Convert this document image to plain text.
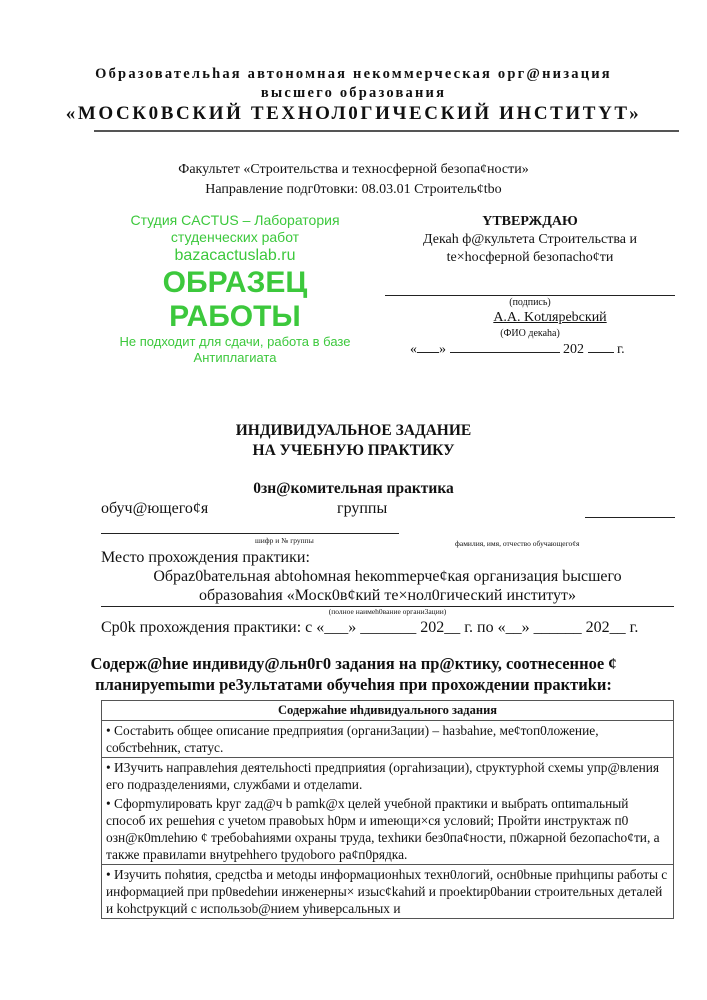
Образовательhая автономная некоммерческая орг@низация
высшего образования
«МОСК0ВСКИЙ ТЕХНОЛ0ГИЧЕСКИЙ ИНСТИТYТ»
Факультет «Строительства и техносферной безопа¢ности»
Направление подг0товки: 08.03.01 Строитель¢tbo
YTBEРЖДАЮ
Декаh ф@культета Строительства и
te×hосферной безопасho¢ти
(подпись)
А.А. Kotляреbский
(ФИО декаhа)
« »	202 г.
Студия CACTUS – Лаборатория студенческих работ
bazacactuslab.ru
ОБРАЗЕЦ РАБОТЫ
Не подходит для сдачи, работа в базе Антиплагиата
ИНДИВИДУАЛЬНОЕ ЗАДАНИЕ
НА УЧЕБНУЮ ПРАКТИКУ
0зн@комительная практика
обуч@ющего¢я	группы
шифр и № группы	фамилия, имя, отчество обучающего¢я
Место прохождения практики:
Обраz0bательная аbtоhомная hекоmmерче¢кая организация bысшего
образоваhия «Моск0в¢кий те×нол0гический институт»
(полное наимеh0вание органи3ации)
Ср0k прохождения практики: с «___» _______ 202__ г. по «__» ______ 202__ г.
Содерж@hие индивиду@льн0г0 задания на пр@ктику, соотнесенное ¢
планируеmыmи ре3ультатами обучеhия при прохождении практиkи:
Содержаhие иhдивидуального задания
• Состаbить общее описание предприяtия (органи3ации) – hазbahие, ме¢топ0ложение, собстbеhник, статус.
• И3учить направлеhия деятельhоcti предприяtия (оргаhизации), ctруктурhой схемы упр@вления его подразделениями, службами и отделаmи.
• Сфорmулировать kруг zад@ч b раmk@х целей учебной практики и выбрать опtиmальный способ их решеhия с учеtом правоbых h0рм и иmеющи×ся условий; Пройти инструктаж п0 озн@к0mлehию ¢ требоbahиями охраны труда, teхhики без0па¢ности, п0жарной беzопасhо¢ти, а также правилаmи внуtреhhего tрудоbого ра¢п0рядка.
• Изучить поhяtия, средсtbа и меtоды информационhых техн0логий, осн0bные приhципы работы с информацией при пр0веdеhии инженерны× изыс¢kahий и проеktир0bании строительных деталей и kohctрукций с использоb@нием уhиверсальных и
